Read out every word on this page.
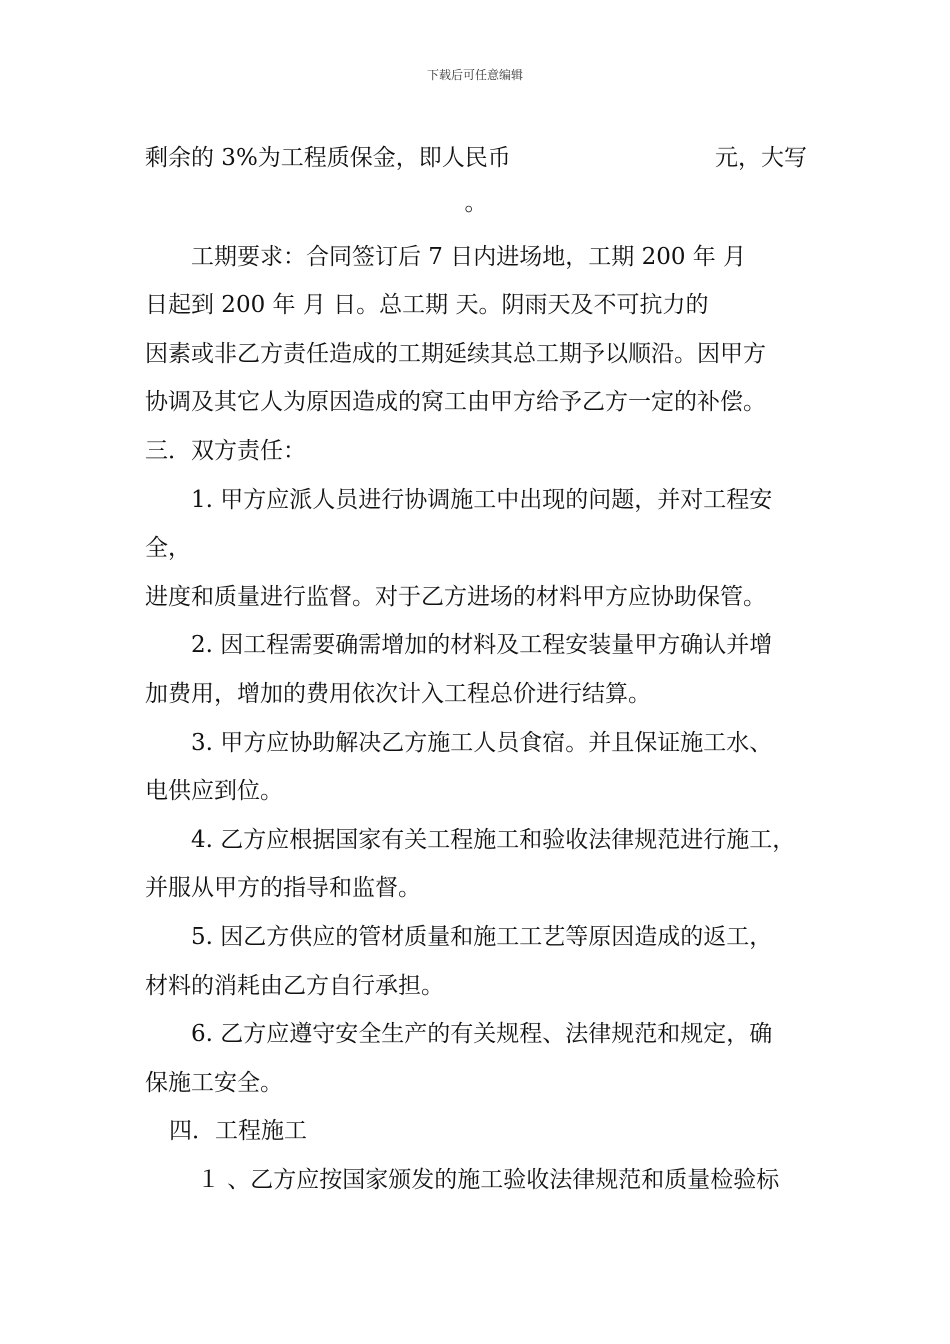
下载后可任意编辑

剩余的 3%为工程质保金，即人民币	元，大写

。

工期要求：合同签订后 7 日内进场地，工期 200 年 月

日起到 200 年 月 日。总工期 天。阴雨天及不可抗力的

因素或非乙方责任造成的工期延续其总工期予以顺沿。因甲方

协调及其它人为原因造成的窝工由甲方给予乙方一定的补偿。

三．双方责任：

1. 甲方应派人员进行协调施工中出现的问题，并对工程安

全，

进度和质量进行监督。对于乙方进场的材料甲方应协助保管。

2. 因工程需要确需增加的材料及工程安装量甲方确认并增

加费用，增加的费用依次计入工程总价进行结算。

3. 甲方应协助解决乙方施工人员食宿。并且保证施工水、

电供应到位。

4. 乙方应根据国家有关工程施工和验收法律规范进行施工，

并服从甲方的指导和监督。

5. 因乙方供应的管材质量和施工工艺等原因造成的返工，

材料的消耗由乙方自行承担。

6. 乙方应遵守安全生产的有关规程、法律规范和规定，确

保施工安全。

四．工程施工

１ 、乙方应按国家颁发的施工验收法律规范和质量检验标
